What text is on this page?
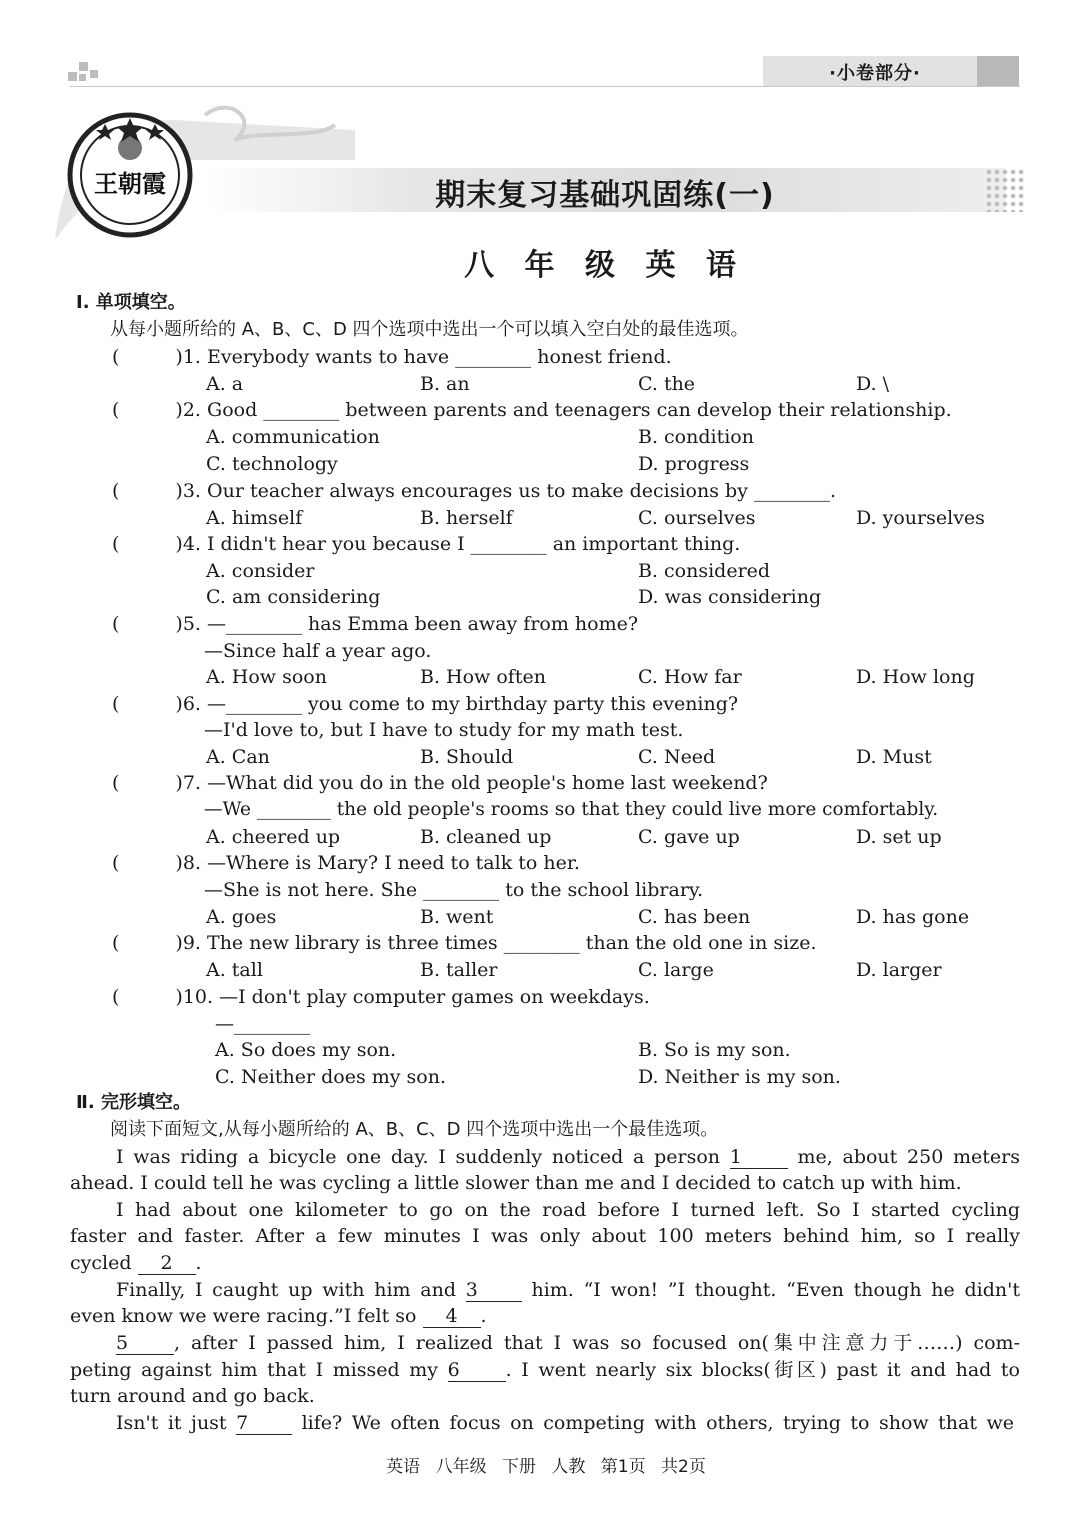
·小卷部分·
王朝霞	期末复习基础巩固练(一)
八 年 级 英 语
Ⅰ. 单项填空。
从每小题所给的 A、B、C、D 四个选项中选出一个可以填入空白处的最佳选项。
(	)1. Everybody wants to have ________ honest friend.
A. a	B. an	C. the	D. \
(	)2. Good ________ between parents and teenagers can develop their relationship.
A. communication	B. condition
C. technology	D. progress
(	)3. Our teacher always encourages us to make decisions by ________.
A. himself	B. herself	C. ourselves	D. yourselves
(	)4. I didn't hear you because I ________ an important thing.
A. consider	B. considered
C. am considering	D. was considering
(	)5. —________ has Emma been away from home?
—Since half a year ago.
A. How soon	B. How often	C. How far	D. How long
(	)6. —________ you come to my birthday party this evening?
—I'd love to, but I have to study for my math test.
A. Can	B. Should	C. Need	D. Must
(	)7. —What did you do in the old people's home last weekend?
—We ________ the old people's rooms so that they could live more comfortably.
A. cheered up	B. cleaned up	C. gave up	D. set up
(	)8. —Where is Mary? I need to talk to her.
—She is not here. She ________ to the school library.
A. goes	B. went	C. has been	D. has gone
(	)9. The new library is three times ________ than the old one in size.
A. tall	B. taller	C. large	D. larger
(	)10. —I don't play computer games on weekdays.
—________
A. So does my son.	B. So is my son.
C. Neither does my son.	D. Neither is my son.
Ⅱ. 完形填空。
阅读下面短文,从每小题所给的 A、B、C、D 四个选项中选出一个最佳选项。
I was riding a bicycle one day. I suddenly noticed a person 1	me, about 250 meters
ahead. I could tell he was cycling a little slower than me and I decided to catch up with him.
I had about one kilometer to go on the road before I turned left. So I started cycling
faster and faster. After a few minutes I was only about 100 meters behind him, so I really
cycled 2 .
Finally, I caught up with him and 3	him. “I won! ”I thought. “Even though he didn't
even know we were racing.”I felt so 4 .
5 , after I passed him, I realized that I was so focused on(集中注意力于……) com-
peting against him that I missed my 6 . I went nearly six blocks(街区) past it and had to
turn around and go back.
Isn't it just 7	life? We often focus on competing with others, trying to show that we
英语 八年级 下册 人教 第1页 共2页
